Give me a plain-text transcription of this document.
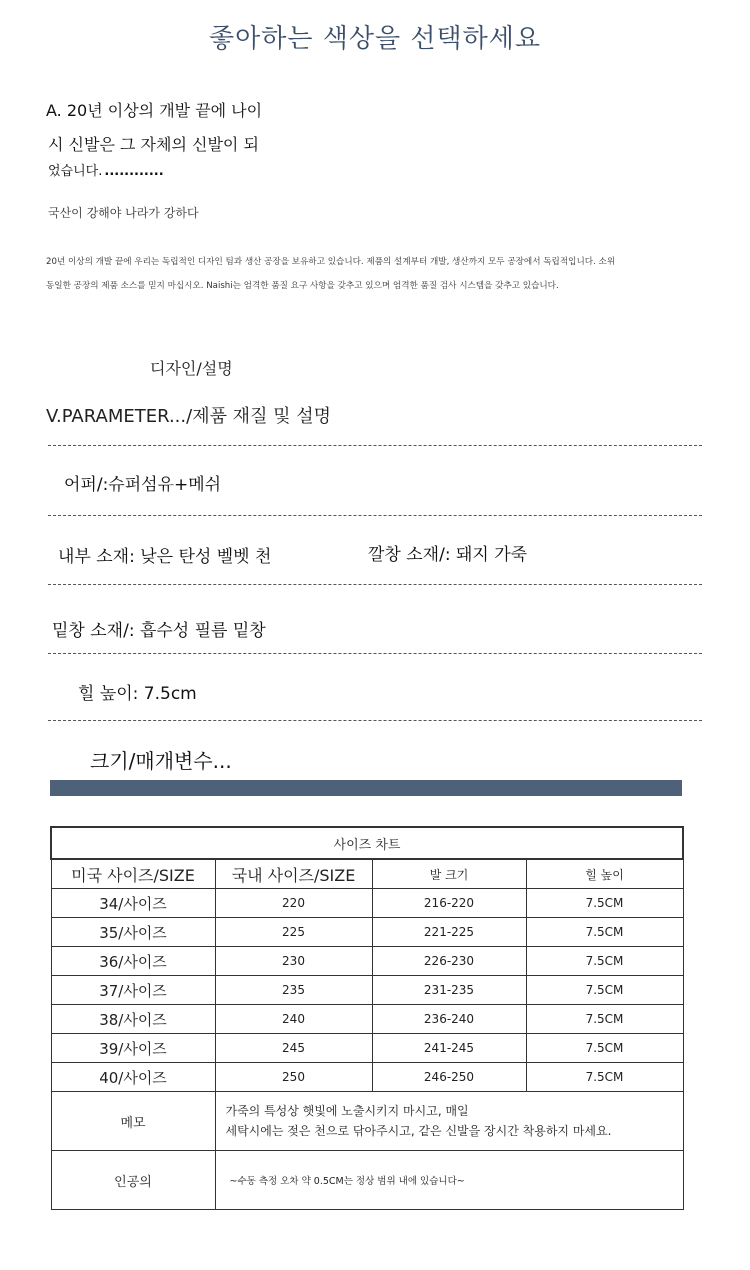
좋아하는 색상을 선택하세요
A. 20년 이상의 개발 끝에 나이
시 신발은 그 자체의 신발이 되
었습니다. ............
국산이 강해야 나라가 강하다
20년 이상의 개발 끝에 우리는 독립적인 디자인 팀과 생산 공장을 보유하고 있습니다. 제품의 설계부터 개발, 생산까지 모두 공장에서 독립적입니다. 소위
동일한 공장의 제품 소스를 믿지 마십시오. Naishi는 엄격한 품질 요구 사항을 갖추고 있으며 엄격한 품질 검사 시스템을 갖추고 있습니다.
디자인/설명
V.PARAMETER.../제품 재질 및 설명
어퍼/:슈퍼섬유+메쉬
내부 소재: 낮은 탄성 벨벳 천	깔창 소재/: 돼지 가죽
밑창 소재/: 흡수성 필름 밑창
힐 높이: 7.5cm
크기/매개변수...
사이즈 차트			
미국 사이즈/SIZE	국내 사이즈/SIZE	발 크기	힐 높이
34/사이즈	220	216-220	7.5CM
35/사이즈	225	221-225	7.5CM
36/사이즈	230	226-230	7.5CM
37/사이즈	235	231-235	7.5CM
38/사이즈	240	236-240	7.5CM
39/사이즈	245	241-245	7.5CM
40/사이즈	250	246-250	7.5CM
메모	가죽의 특성상 햇빛에 노출시키지 마시고, 매일
세탁시에는 젖은 천으로 닦아주시고, 같은 신발을 장시간 착용하지 마세요.		

인공의	~수동 측정 오차 약 0.5CM는 정상 범위 내에 있습니다~		
